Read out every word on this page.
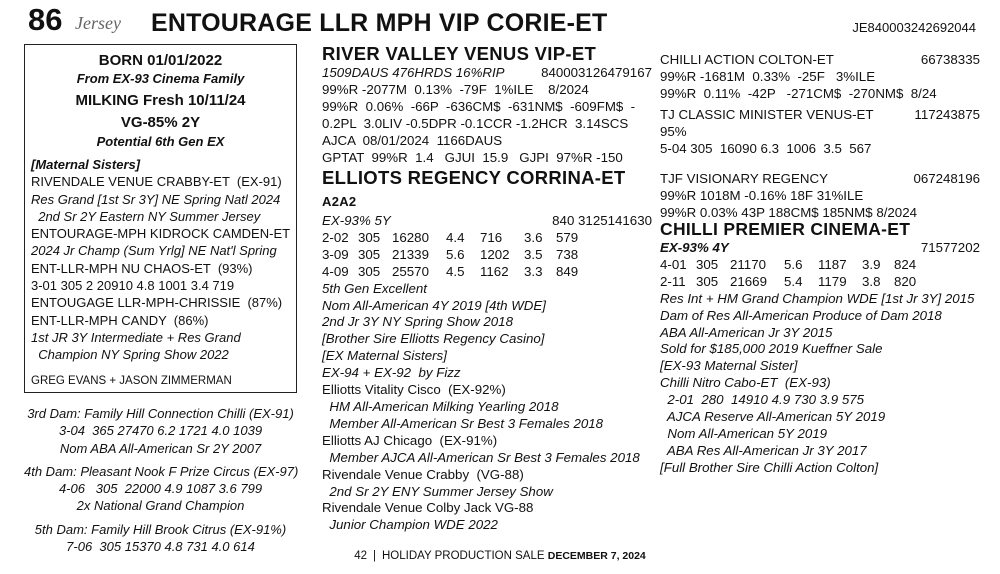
86 Jersey ENTOURAGE LLR MPH VIP CORIE-ET	JE840003242692044
BORN 01/01/2022
From EX-93 Cinema Family
MILKING Fresh 10/11/24
VG-85% 2Y
Potential 6th Gen EX
[Maternal Sisters]
RIVENDALE VENUE CRABBY-ET  (EX-91)
Res Grand [1st Sr 3Y] NE Spring Natl 2024
2nd Sr 2Y Eastern NY Summer Jersey
ENTOURAGE-MPH KIDROCK CAMDEN-ET
2024 Jr Champ (Sum Yrlg] NE Nat'l Spring
ENT-LLR-MPH NU CHAOS-ET  (93%)
3-01 305 2 20910 4.8 1001 3.4 719
ENTOUGAGE LLR-MPH-CHRISSIE  (87%)
ENT-LLR-MPH CANDY  (86%)
1st JR 3Y Intermediate + Res Grand
Champion NY Spring Show 2022
GREG EVANS + JASON ZIMMERMAN
3rd Dam: Family Hill Connection Chilli (EX-91)
3-04  365 27470 6.2 1721 4.0 1039
Nom ABA All-American Sr 2Y 2007
4th Dam: Pleasant Nook F Prize Circus (EX-97)
4-06   305  22000 4.9 1087 3.6 799
2x National Grand Champion
5th Dam: Family Hill Brook Citrus (EX-91%)
7-06  305 15370 4.8 731 4.0 614
RIVER VALLEY VENUS VIP-ET
1509DAUS 476HRDS 16%RIP	840003126479167
99%R -2077M  0.13%  -79F  1%ILE    8/2024
99%R  0.06%  -66P  -636CM$  -631NM$  -609FM$  -
0.2PL  3.0LIV -0.5DPR -0.1CCR -1.2HCR  3.14SCS
AJCA  08/01/2024  1166DAUS
GPTAT  99%R  1.4   GJUI  15.9   GJPI  97%R -150
ELLIOTS REGENCY CORRINA-ET A2A2
EX-93% 5Y	840 3125141630
2-02 305 16280	4.4	716	3.6	579
3-09 305 21339	5.6	1202	3.5	738
4-09 305 25570	4.5	1162	3.3	849
5th Gen Excellent
Nom All-American 4Y 2019 [4th WDE]
2nd Jr 3Y NY Spring Show 2018
[Brother Sire Elliotts Regency Casino]
[EX Maternal Sisters]
EX-94 + EX-92  by Fizz
Elliotts Vitality Cisco  (EX-92%)
HM All-American Milking Yearling 2018
Member All-American Sr Best 3 Females 2018
Elliotts AJ Chicago  (EX-91%)
Member AJCA All-American Sr Best 3 Females 2018
Rivendale Venue Crabby  (VG-88)
2nd Sr 2Y ENY Summer Jersey Show
Rivendale Venue Colby Jack VG-88
Junior Champion WDE 2022
CHILLI ACTION COLTON-ET	66738335
99%R -1681M  0.33%  -25F   3%ILE
99%R  0.11%  -42P   -271CM$  -270NM$  8/24
TJ CLASSIC MINISTER VENUS-ET	117243875
95%
5-04 305  16090 6.3  1006  3.5  567
TJF VISIONARY REGENCY	067248196
99%R 1018M -0.16% 18F 31%ILE
99%R 0.03% 43P 188CM$ 185NM$ 8/2024
CHILLI PREMIER CINEMA-ET
EX-93% 4Y	71577202
4-01 305 21170	5.6	1187	3.9	824
2-11 305 21669	5.4	1179	3.8	820
Res Int + HM Grand Champion WDE [1st Jr 3Y] 2015
Dam of Res All-American Produce of Dam 2018
ABA All-American Jr 3Y 2015
Sold for $185,000 2019 Kueffner Sale
[EX-93 Maternal Sister]
Chilli Nitro Cabo-ET  (EX-93)
2-01  280  14910 4.9 730 3.9 575
AJCA Reserve All-American 5Y 2019
Nom All-American 5Y 2019
ABA Res All-American Jr 3Y 2017
[Full Brother Sire Chilli Action Colton]
42 | HOLIDAY PRODUCTION SALE DECEMBER 7, 2024
